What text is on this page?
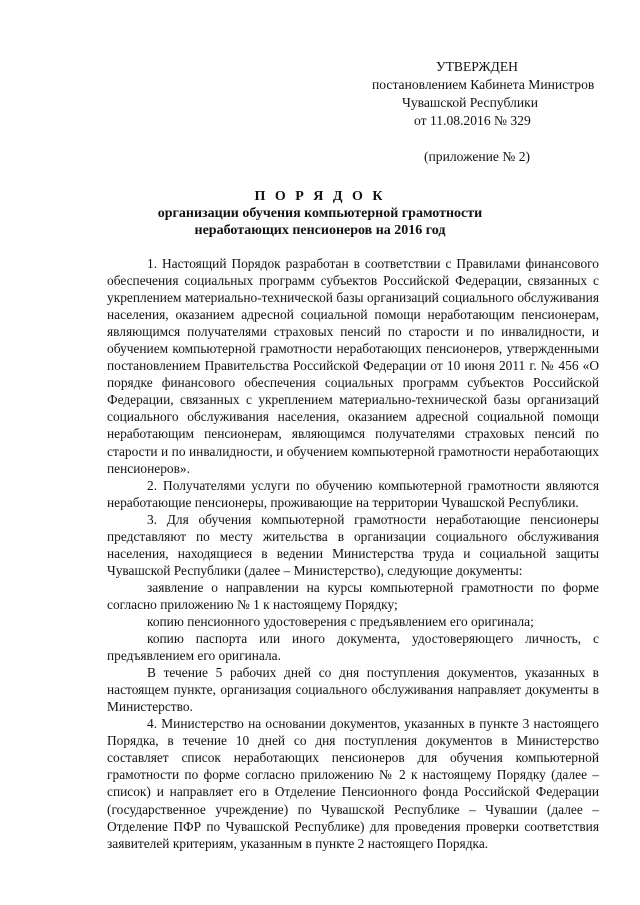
УТВЕРЖДЕН
постановлением Кабинета Министров
Чувашской Республики
от 11.08.2016 № 329
(приложение № 2)
П О Р Я Д О К
организации обучения компьютерной грамотности
неработающих пенсионеров на 2016 год

1. Настоящий Порядок разработан в соответствии с Правилами финансового обеспечения социальных программ субъектов Российской Федерации, связанных с укреплением материально-технической базы организаций социального обслуживания населения, оказанием адресной социальной помощи неработающим пенсионерам, являющимся получателями страховых пенсий по старости и по инвалидности, и обучением компьютерной грамотности неработающих пенсионеров, утвержденными постановлением Правительства Российской Федерации от 10 июня 2011 г. № 456 «О порядке финансового обеспечения социальных программ субъектов Российской Федерации, связанных с укреплением материально-технической базы организаций социального обслуживания населения, оказанием адресной социальной помощи неработающим пенсионерам, являющимся получателями страховых пенсий по старости и по инвалидности, и обучением компьютерной грамотности неработающих пенсионеров».

2. Получателями услуги по обучению компьютерной грамотности являются неработающие пенсионеры, проживающие на территории Чувашской Республики.

3. Для обучения компьютерной грамотности неработающие пенсионеры представляют по месту жительства в организации социального обслуживания населения, находящиеся в ведении Министерства труда и социальной защиты Чувашской Республики (далее – Министерство), следующие документы:

заявление о направлении на курсы компьютерной грамотности по форме согласно приложению № 1 к настоящему Порядку;

копию пенсионного удостоверения с предъявлением его оригинала;

копию паспорта или иного документа, удостоверяющего личность, с предъявлением его оригинала.

В течение 5 рабочих дней со дня поступления документов, указанных в настоящем пункте, организация социального обслуживания направляет документы в Министерство.

4. Министерство на основании документов, указанных в пункте 3 настоящего Порядка, в течение 10 дней со дня поступления документов в Министерство составляет список неработающих пенсионеров для обучения компьютерной грамотности по форме согласно приложению № 2 к настоящему Порядку (далее – список) и направляет его в Отделение Пенсионного фонда Российской Федерации (государственное учреждение) по Чувашской Республике – Чувашии (далее – Отделение ПФР по Чувашской Республике) для проведения проверки соответствия заявителей критериям, указанным в пункте 2 настоящего Порядка.
